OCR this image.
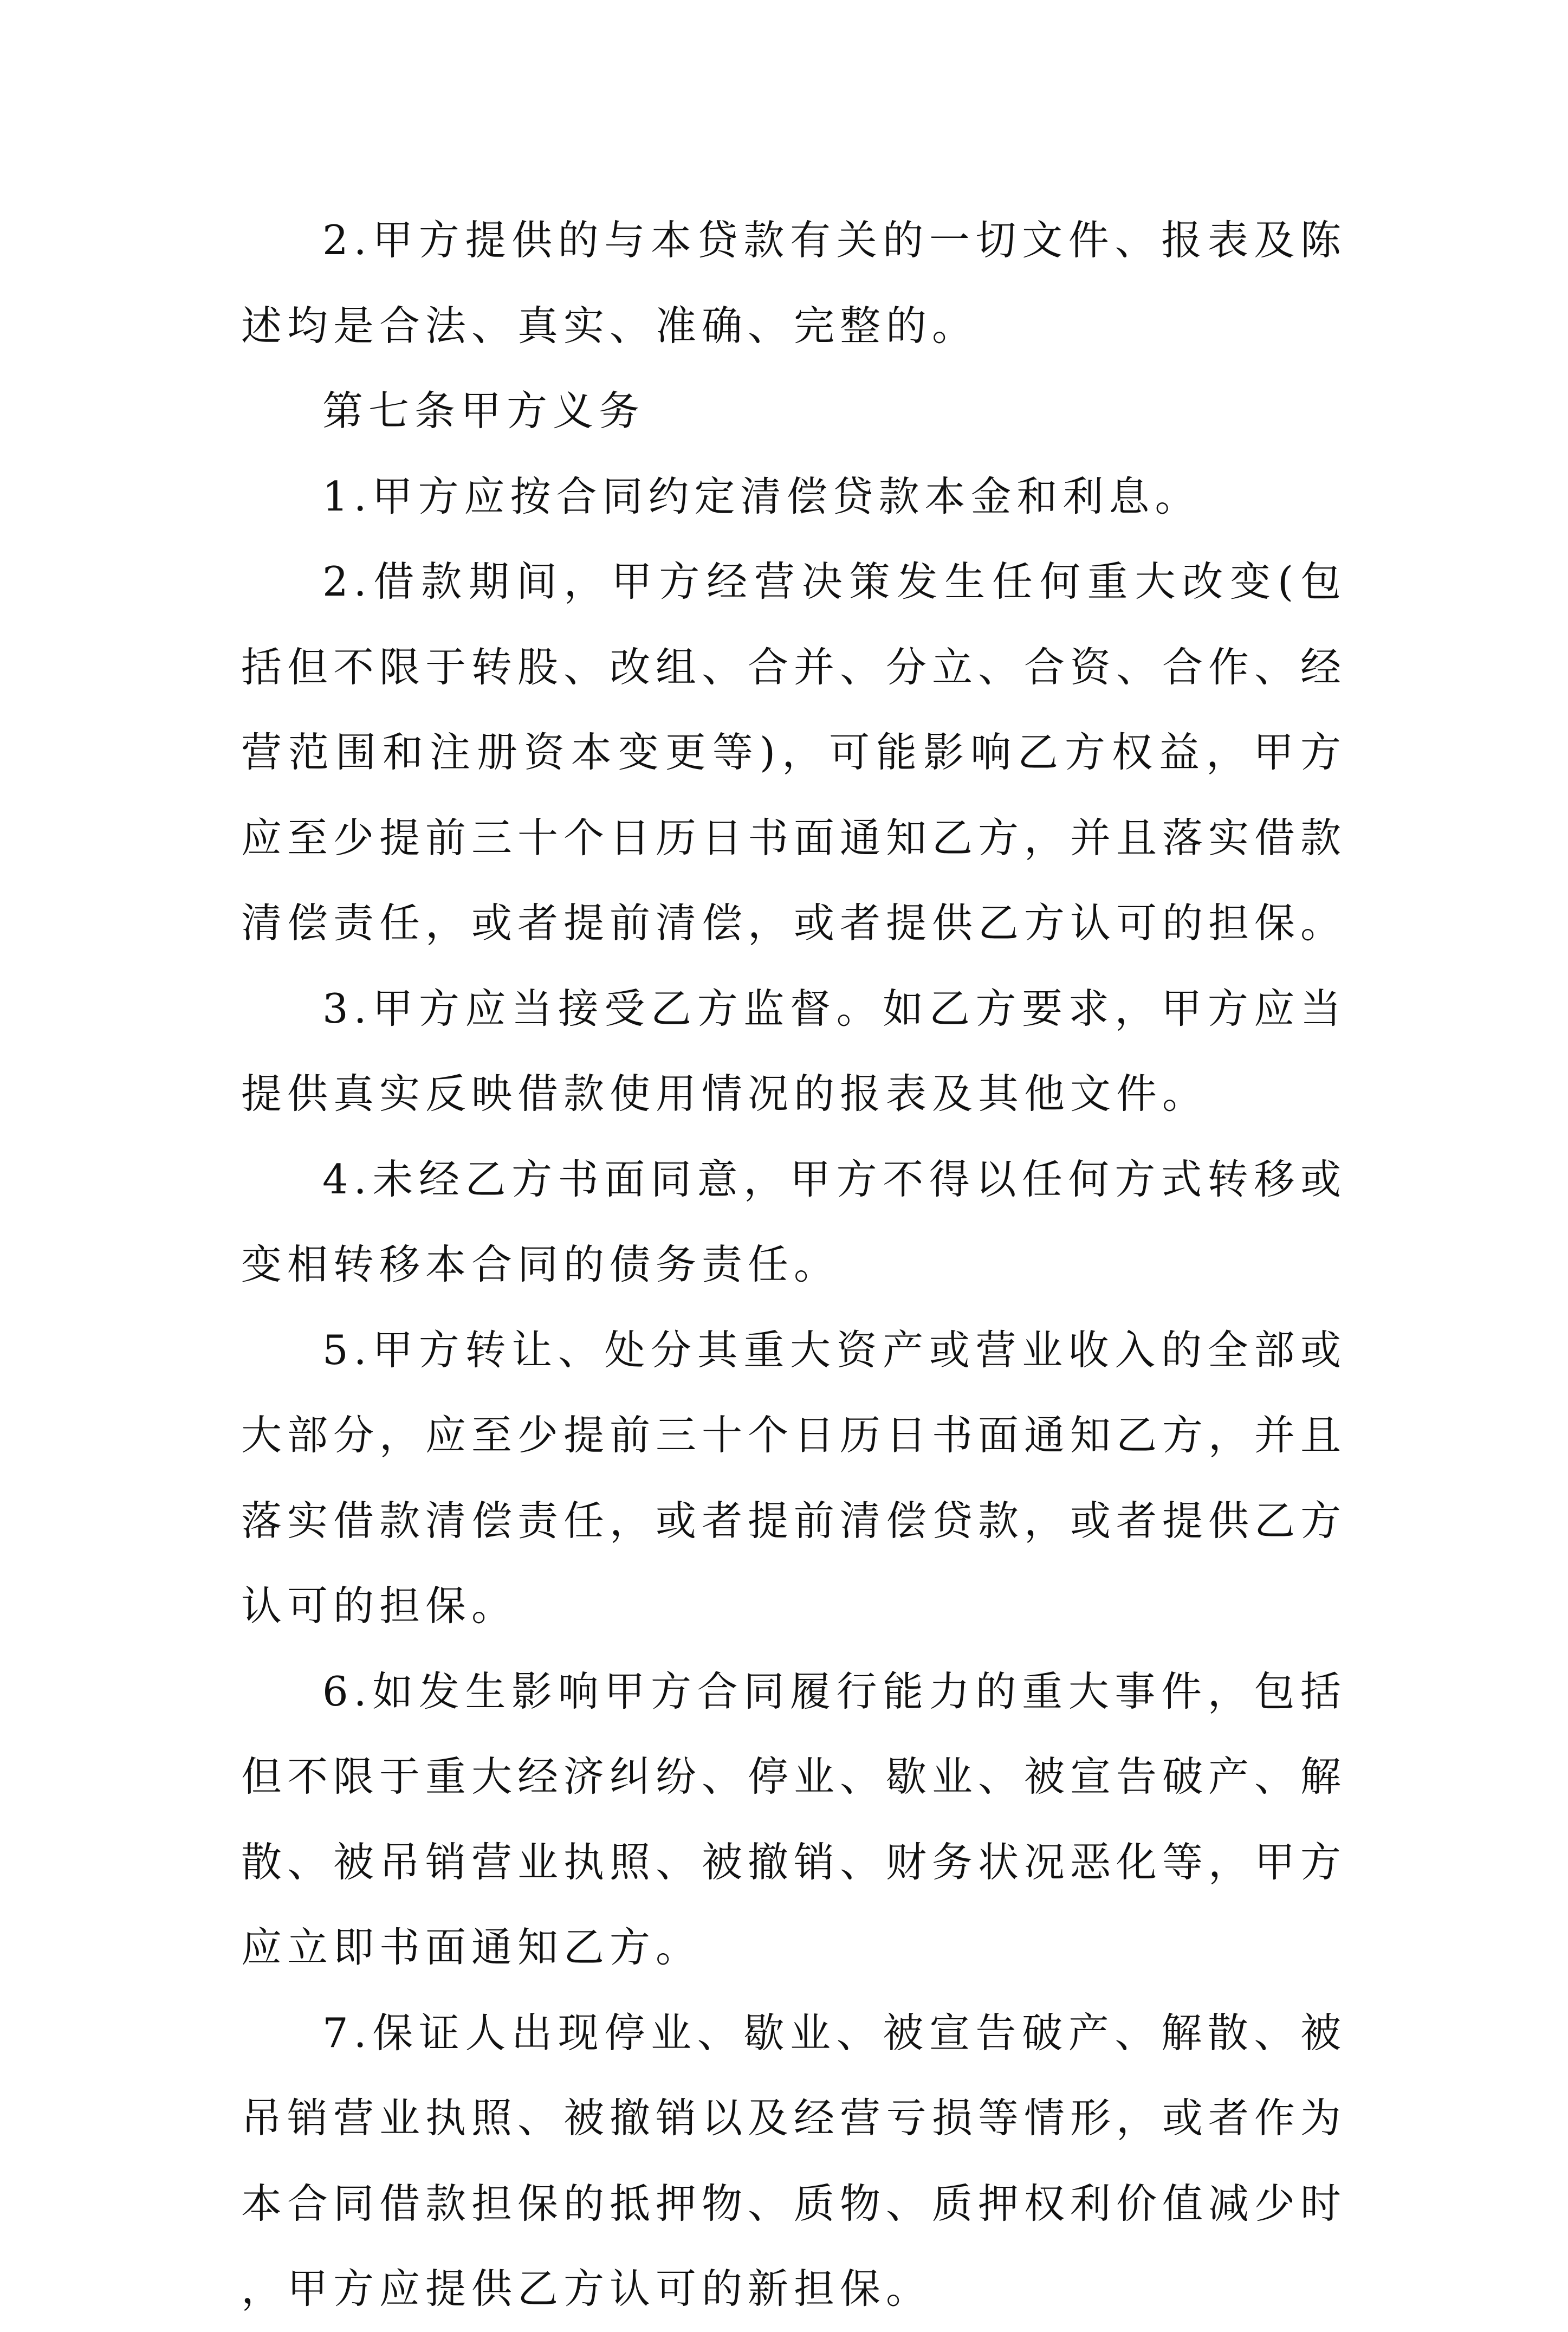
2.甲方提供的与本贷款有关的一切文件、报表及陈述均是合法、真实、准确、完整的。

第七条甲方义务

1.甲方应按合同约定清偿贷款本金和利息。

2.借款期间，甲方经营决策发生任何重大改变(包括但不限于转股、改组、合并、分立、合资、合作、经营范围和注册资本变更等)，可能影响乙方权益，甲方应至少提前三十个日历日书面通知乙方，并且落实借款清偿责任，或者提前清偿，或者提供乙方认可的担保。

3.甲方应当接受乙方监督。如乙方要求，甲方应当提供真实反映借款使用情况的报表及其他文件。

4.未经乙方书面同意，甲方不得以任何方式转移或变相转移本合同的债务责任。

5.甲方转让、处分其重大资产或营业收入的全部或大部分，应至少提前三十个日历日书面通知乙方，并且落实借款清偿责任，或者提前清偿贷款，或者提供乙方认可的担保。

6.如发生影响甲方合同履行能力的重大事件，包括但不限于重大经济纠纷、停业、歇业、被宣告破产、解散、被吊销营业执照、被撤销、财务状况恶化等，甲方应立即书面通知乙方。

7.保证人出现停业、歇业、被宣告破产、解散、被吊销营业执照、被撤销以及经营亏损等情形，或者作为本合同借款担保的抵押物、质物、质押权利价值减少时，甲方应提供乙方认可的新担保。
